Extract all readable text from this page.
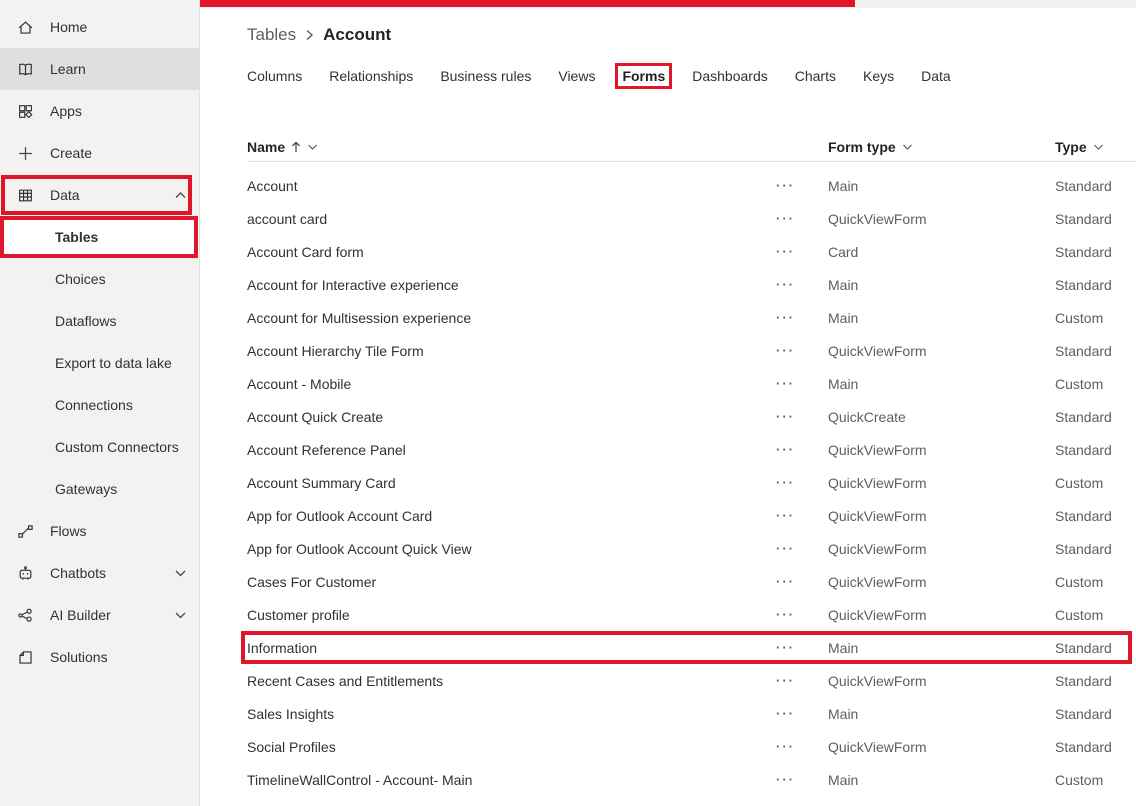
Home
Learn
Apps
Create
Data
Tables
Choices
Dataflows
Export to data lake
Connections
Custom Connectors
Gateways
Flows
Chatbots
AI Builder
Solutions
Tables Account
Columns Relationships Business rules Views Forms Dashboards Charts Keys Data
Name	Form type	Type
Account	···	Main	Standard
account card	···	QuickViewForm	Standard
Account Card form	···	Card	Standard
Account for Interactive experience	···	Main	Standard
Account for Multisession experience	···	Main	Custom
Account Hierarchy Tile Form	···	QuickViewForm	Standard
Account - Mobile	···	Main	Custom
Account Quick Create	···	QuickCreate	Standard
Account Reference Panel	···	QuickViewForm	Standard
Account Summary Card	···	QuickViewForm	Custom
App for Outlook Account Card	···	QuickViewForm	Standard
App for Outlook Account Quick View	···	QuickViewForm	Standard
Cases For Customer	···	QuickViewForm	Custom
Customer profile	···	QuickViewForm	Custom
Information	···	Main	Standard
Recent Cases and Entitlements	···	QuickViewForm	Standard
Sales Insights	···	Main	Standard
Social Profiles	···	QuickViewForm	Standard
TimelineWallControl - Account- Main	···	Main	Custom
